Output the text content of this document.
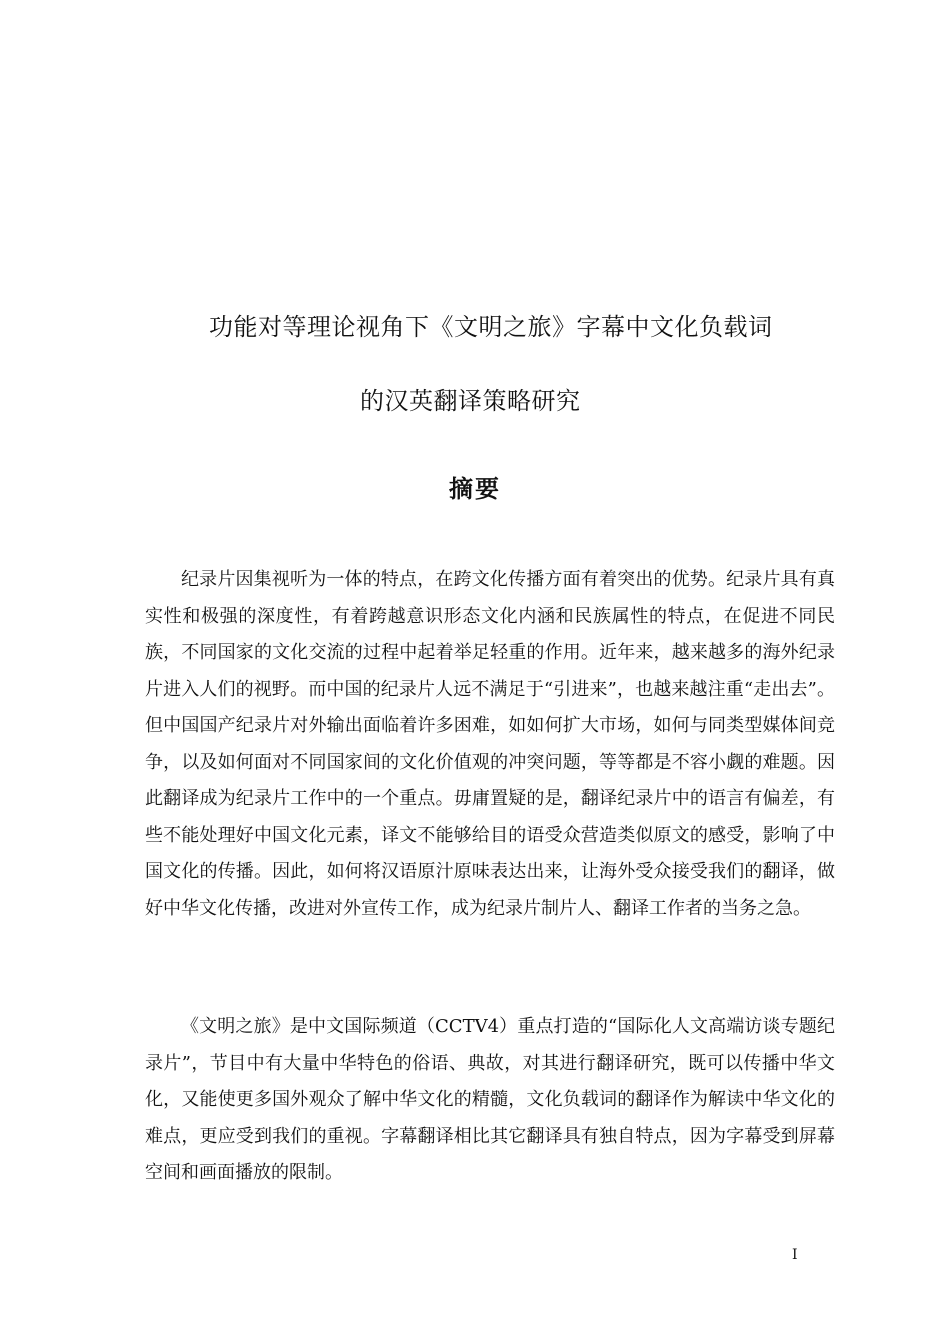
功能对等理论视角下《文明之旅》字幕中文化负载词
的汉英翻译策略研究
摘要

纪录片因集视听为一体的特点，在跨文化传播方面有着突出的优势。纪录片具有真实性和极强的深度性，有着跨越意识形态文化内涵和民族属性的特点，在促进不同民族，不同国家的文化交流的过程中起着举足轻重的作用。近年来，越来越多的海外纪录片进入人们的视野。而中国的纪录片人远不满足于“引进来”，也越来越注重“走出去”。但中国国产纪录片对外输出面临着许多困难，如如何扩大市场，如何与同类型媒体间竞争，以及如何面对不同国家间的文化价值观的冲突问题，等等都是不容小觑的难题。因此翻译成为纪录片工作中的一个重点。毋庸置疑的是，翻译纪录片中的语言有偏差，有些不能处理好中国文化元素，译文不能够给目的语受众营造类似原文的感受，影响了中国文化的传播。因此，如何将汉语原汁原味表达出来，让海外受众接受我们的翻译，做好中华文化传播，改进对外宣传工作，成为纪录片制片人、翻译工作者的当务之急。

《文明之旅》是中文国际频道（CCTV4）重点打造的“国际化人文高端访谈专题纪录片”，节目中有大量中华特色的俗语、典故，对其进行翻译研究，既可以传播中华文化，又能使更多国外观众了解中华文化的精髓，文化负载词的翻译作为解读中华文化的难点，更应受到我们的重视。字幕翻译相比其它翻译具有独自特点，因为字幕受到屏幕空间和画面播放的限制。

I
